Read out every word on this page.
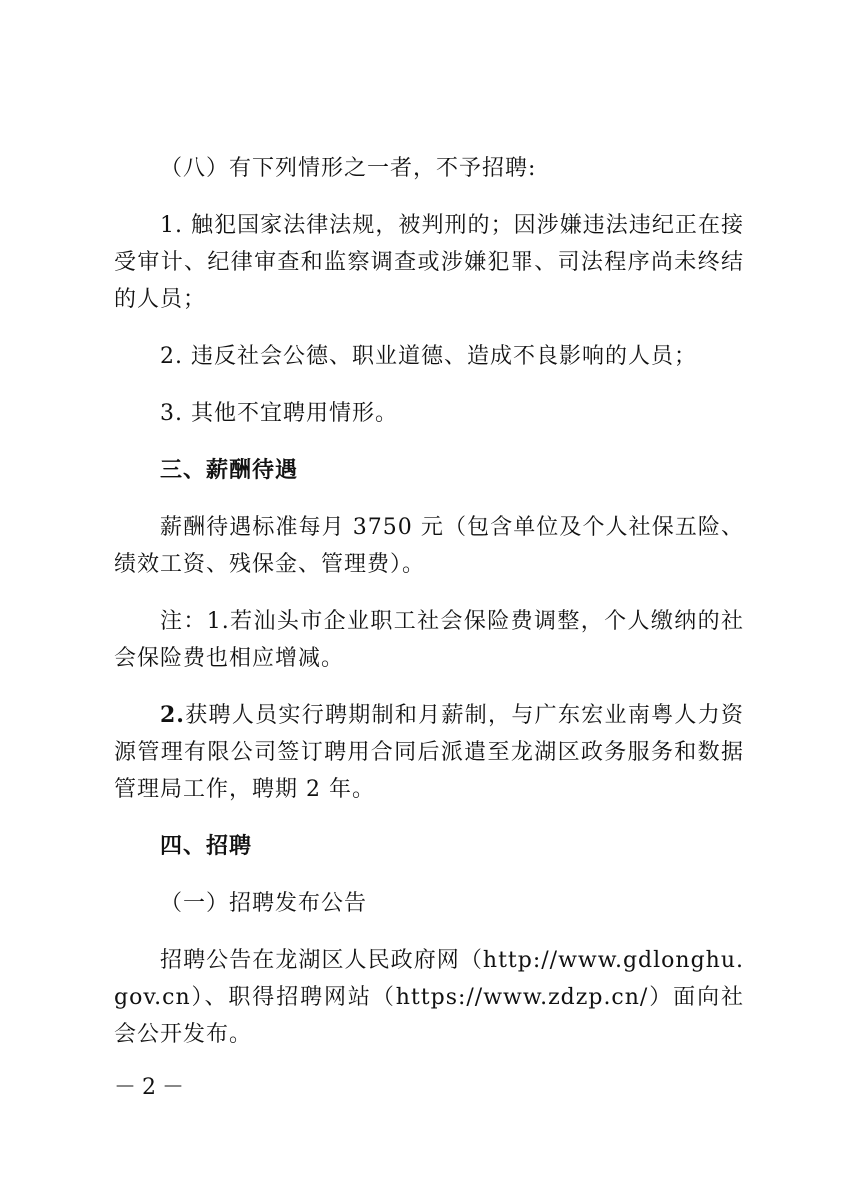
（八）有下列情形之一者，不予招聘:

1. 触犯国家法律法规，被判刑的；因涉嫌违法违纪正在接受审计、纪律审查和监察调查或涉嫌犯罪、司法程序尚未终结的人员；

2. 违反社会公德、职业道德、造成不良影响的人员；

3. 其他不宜聘用情形。

三、薪酬待遇

薪酬待遇标准每月 3750 元（包含单位及个人社保五险、绩效工资、残保金、管理费）。

注：1.若汕头市企业职工社会保险费调整，个人缴纳的社会保险费也相应增减。

2.获聘人员实行聘期制和月薪制，与广东宏业南粤人力资源管理有限公司签订聘用合同后派遣至龙湖区政务服务和数据管理局工作，聘期 2 年。

四、招聘

（一）招聘发布公告

招聘公告在龙湖区人民政府网（http://www.gdlonghu.gov.cn）、职得招聘网站（https://www.zdzp.cn/）面向社会公开发布。

－2－
